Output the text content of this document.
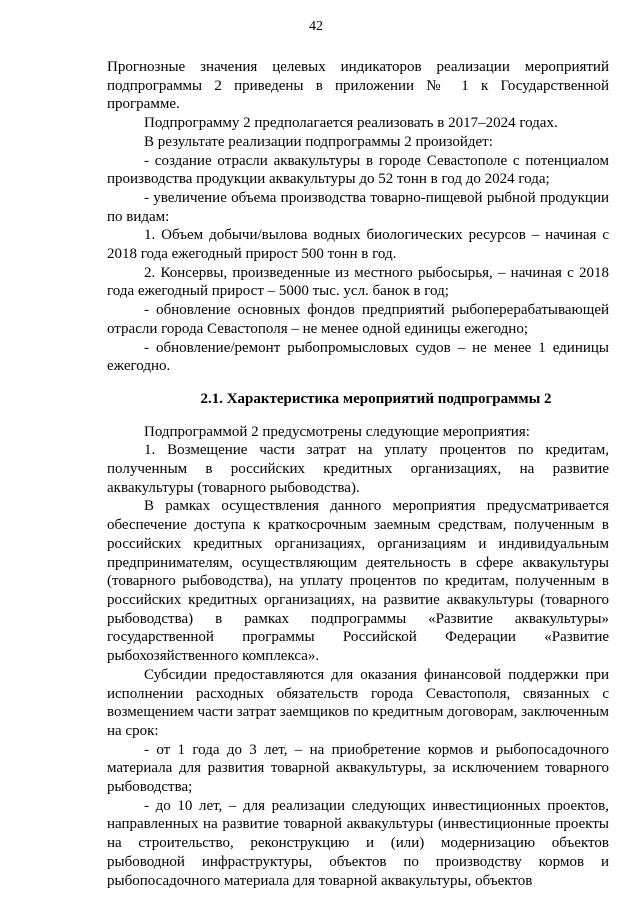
42

Прогнозные значения целевых индикаторов реализации мероприятий подпрограммы 2 приведены в приложении № 1 к Государственной программе.

Подпрограмму 2 предполагается реализовать в 2017–2024 годах.

В результате реализации подпрограммы 2 произойдет:

- создание отрасли аквакультуры в городе Севастополе с потенциалом производства продукции аквакультуры до 52 тонн в год до 2024 года;

- увеличение объема производства товарно-пищевой рыбной продукции по видам:

1. Объем добычи/вылова водных биологических ресурсов – начиная с 2018 года ежегодный прирост 500 тонн в год.

2. Консервы, произведенные из местного рыбосырья, – начиная с 2018 года ежегодный прирост – 5000 тыс. усл. банок в год;

- обновление основных фондов предприятий рыбоперерабатывающей отрасли города Севастополя – не менее одной единицы ежегодно;

- обновление/ремонт рыбопромысловых судов – не менее 1 единицы ежегодно.

2.1. Характеристика мероприятий подпрограммы 2

Подпрограммой 2 предусмотрены следующие мероприятия:

1. Возмещение части затрат на уплату процентов по кредитам, полученным в российских кредитных организациях, на развитие аквакультуры (товарного рыбоводства).

В рамках осуществления данного мероприятия предусматривается обеспечение доступа к краткосрочным заемным средствам, полученным в российских кредитных организациях, организациям и индивидуальным предпринимателям, осуществляющим деятельность в сфере аквакультуры (товарного рыбоводства), на уплату процентов по кредитам, полученным в российских кредитных организациях, на развитие аквакультуры (товарного рыбоводства) в рамках подпрограммы «Развитие аквакультуры» государственной программы Российской Федерации «Развитие рыбохозяйственного комплекса».

Субсидии предоставляются для оказания финансовой поддержки при исполнении расходных обязательств города Севастополя, связанных с возмещением части затрат заемщиков по кредитным договорам, заключенным на срок:

- от 1 года до 3 лет, – на приобретение кормов и рыбопосадочного материала для развития товарной аквакультуры, за исключением товарного рыбоводства;

- до 10 лет, – для реализации следующих инвестиционных проектов, направленных на развитие товарной аквакультуры (инвестиционные проекты на строительство, реконструкцию и (или) модернизацию объектов рыбоводной инфраструктуры, объектов по производству кормов и рыбопосадочного материала для товарной аквакультуры, объектов
